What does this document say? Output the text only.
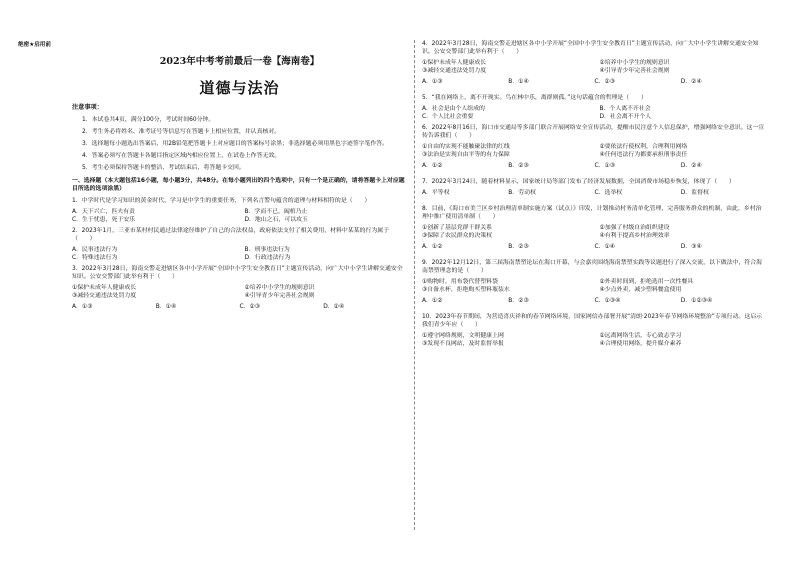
绝密★启用前
2023年中考考前最后一卷【海南卷】
道德与法治
注意事项：
1．本试卷共4页，满分100分，考试时间60分钟。
2．考生务必将姓名、准考证号等信息写在答题卡上相应位置，并认真核对。
3．选择题每小题选出答案后，用2B铅笔把答题卡上对应题目的答案标号涂黑；非选择题必须用黑色字迹签字笔作答。
4．答案必须写在答题卡各题目指定区域内相应位置上，在试卷上作答无效。
5．考生必须保持答题卡的整洁，考试结束后，将答题卡交回。
一、选择题（本大题包括16小题，每小题3分，共48分。在每小题列出的四个选项中，只有一个是正确的，请将答题卡上对应题目所选的选项涂黑）
1．中学时代是学习知识的黄金时代，学习是中学生的重要任务，下列名言警句蕴含的道理与材料相符的是（　　）
A．天下兴亡，匹夫有责	B．学而不已，阖棺乃止
C．生于忧患，死于安乐	D．地山之石，可以攻玉
2．2023年1月，三亚市某村村民通过法律途径维护了自己的合法权益，政府依法支付了相关费用，材料中某某的行为属于（　　）
A．民事违法行为	B．刑事违法行为
C．特殊违法行为	D．行政违法行为
3．2022年3月28日，海南交警走进辖区各中小学开展“全国中小学生安全教育日”主题宣传活动，向广大中小学生讲解交通安全知识。公安交警部门此举有利于（　　）
①保护未成年人健康成长	②培养中小学生的规则意识
③减轻交通违法处罚力度	④引导青少年完善社会规则
A．①③	B．①④	C．②③	D．②④
4．2022年3月28日，海南交警走进辖区各中小学开展“全国中小学生安全教育日”主题宣传活动，向广大中小学生讲解交通安全知识。公安交警部门此举有利于（　　）
①保护未成年人健康成长	②培养中小学生的规则意识
③减轻交通违法处罚力度	④引导青少年完善社会规则
A．①③	B．①④	C．②③	D．②④
5．“我在网络上，离不开现实。鸟在林中乐，离群则孤。”这句话蕴含的哲理是（　　）
A．社会是由个人组成的	B．个人离不开社会
C．个人比社会重要	D．社会离不开个人
6．2022年8月16日，海口市交通局等多部门联合开展网络安全宣传活动，提醒市民注意个人信息保护，增强网络安全意识。这一宣传告诉我们（　　）
①自由的实现不能触碰法律的红线	②要依法行使权利，合理利用网络
③法治是实现自由平等的有力保障	④任何违法行为都要承担刑事责任
A．①②	B．②③	C．①③	D．②④
7．2022年3月24日，随着材料显示，国家统计局等部门发布了经济发展数据，全国消费市场稳步恢复，体现了（　　）
A．平等权	B．劳动权	C．选举权	D．监督权
8．目前，《海口市美兰区乡村治理清单制实施方案（试点）》印发，计划推动村务清单化管理，完善服务群众的机制，由此，乡村治理中推广使用清单制（　　）
①创新了基层党群干群关系	②加强了村级自治组织建设
③保障了农民群众的决策权	④有利于提高乡村治理效率
A．①②	B．②③	C．①④	D．③④
9．2022年12月12日，第三届海南禁塑论坛在海口开幕，与会嘉宾围绕海南禁塑实践等议题进行了深入交流，以下做法中，符合海南禁塑理念的是（　　）
①购物时，用布袋代替塑料袋	②外卖时间到，拒绝选用一次性餐具
③自备水杯，拒绝购买塑料瓶装水	④少点外卖，减少塑料餐盒使用
A．①②	B．②③	C．①③④	D．①②③④
10．2023年春节期间，为营造喜庆祥和的春节网络环境，国家网信办部署开展“清朗·2023年春节网络环境整治”专项行动。这启示我们青少年应（　　）
①遵守网络规则，文明健康上网	②远离网络生活，专心致志学习
③发现不良网站，及时监督举报	④合理使用网络，提升媒介素养
